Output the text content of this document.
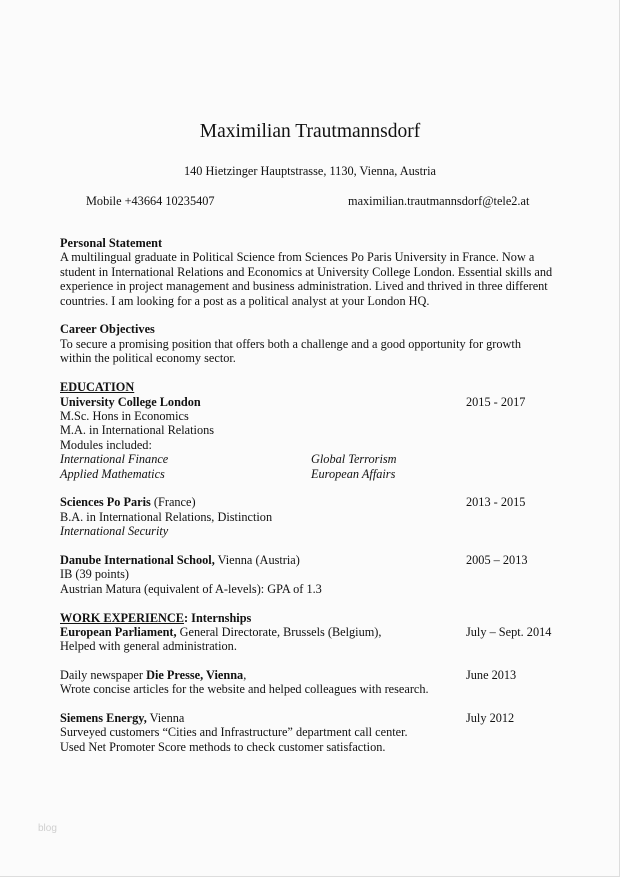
Maximilian Trautmannsdorf
140 Hietzinger Hauptstrasse, 1130, Vienna, Austria
Mobile +43664 10235407	maximilian.trautmannsdorf@tele2.at
Personal Statement
A multilingual graduate in Political Science from Sciences Po Paris University in France. Now a
student in International Relations and Economics at University College London. Essential skills and
experience in project management and business administration. Lived and thrived in three different
countries. I am looking for a post as a political analyst at your London HQ.
Career Objectives
To secure a promising position that offers both a challenge and a good opportunity for growth
within the political economy sector.
EDUCATION
University College London	2015 - 2017
M.Sc. Hons in Economics
M.A. in International Relations
Modules included:
International Finance	Global Terrorism
Applied Mathematics	European Affairs
Sciences Po Paris (France)	2013 - 2015
B.A. in International Relations, Distinction
International Security
Danube International School, Vienna (Austria)	2005 – 2013
IB (39 points)
Austrian Matura (equivalent of A-levels): GPA of 1.3
WORK EXPERIENCE: Internships
European Parliament, General Directorate, Brussels (Belgium),	July – Sept. 2014
Helped with general administration.
Daily newspaper Die Presse, Vienna,	June 2013
Wrote concise articles for the website and helped colleagues with research.
Siemens Energy, Vienna	July 2012
Surveyed customers “Cities and Infrastructure” department call center.
Used Net Promoter Score methods to check customer satisfaction.
blog
